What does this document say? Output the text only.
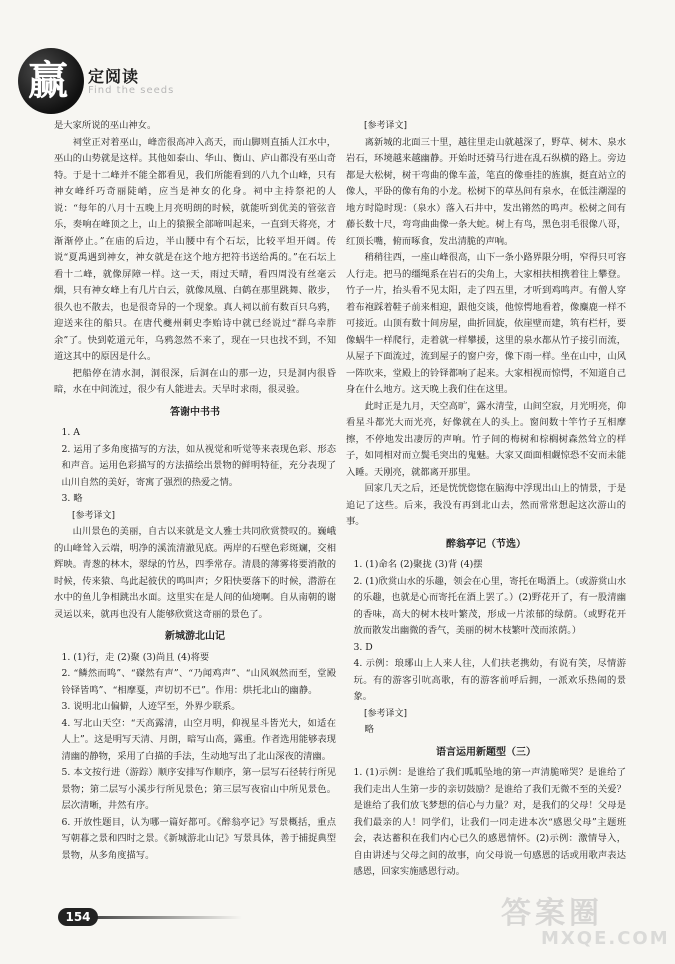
赢 定阅读
Find the seeds

是大家所说的巫山神女。

祠堂正对着巫山，峰峦很高冲入高天，而山脚则直插人江水中，巫山的山势就是这样。其他如泰山、华山、衡山、庐山都没有巫山奇特。于是十二峰并不能全都看见，我们所能看到的八九个山峰，只有神女峰纤巧奇丽陡峭，应当是神女的化身。祠中主持祭祀的人说：“每年的八月十五晚上月亮明朗的时候，就能听到优美的管弦音乐，奏响在峰顶之上，山上的猿猴全部啼叫起来，一直到天将亮，才渐渐停止。”在庙的后边，半山腰中有个石坛，比较平坦开阔。传说“夏禹遇到神女，神女就是在这个地方把符书送给禹的。”在石坛上看十二峰，就像屏障一样。这一天，雨过天晴，看四周没有丝毫云烟，只有神女峰上有几片白云，就像凤凰、白鹤在那里跳舞、散步，很久也不散去，也是很奇异的一个现象。真人祠以前有数百只乌鸦，迎送来往的船只。在唐代夔州刺史李贻诗中就已经说过“群乌幸胙余”了。快到乾道元年，乌鸦忽然不来了，现在一只也找不到，不知道这其中的原因是什么。

把船停在清水洞，洞很深，后洞在山的那一边，只是洞内很昏暗，水在中间流过，很少有人能进去。天旱时求雨，很灵验。

答谢中书书

1. A

2. 运用了多角度描写的方法，如从视觉和听觉等来表现色彩、形态和声音。运用色彩描写的方法描绘出景物的鲜明特征，充分表现了山川自然的美好，寄寓了强烈的热爱之情。

3. 略

[参考译文]

山川景色的美丽，自古以来就是文人雅士共同欣赏赞叹的。巍峨的山峰耸入云端，明净的溪流清澈见底。两岸的石壁色彩斑斓，交相辉映。青葱的林木，翠绿的竹丛，四季常存。清晨的薄雾将要消散的时候，传来猿、鸟此起彼伏的鸣叫声；夕阳快要落下的时候，潜游在水中的鱼儿争相跳出水面。这里实在是人间的仙境啊。自从南朝的谢灵运以来，就再也没有人能够欣赏这奇丽的景色了。

新城游北山记

1. (1)行，走 (2)聚 (3)尚且 (4)将要

2. “鳞然而鸣”、“磔然有声”、“乃闻鸡声”、“山风飒然而至，堂殿铃铎皆鸣”、“相摩戛，声切切不已”。作用：烘托北山的幽静。

3. 说明北山偏僻，人迹罕至，外界少联系。

4. 写北山天空：“天高露清，山空月明，仰视星斗皆光大，如适在人上”。这是明写天清、月朗，暗写山高，露重。作者选用能够表现清幽的静物，采用了白描的手法，生动地写出了北山深夜的清幽。

5. 本文按行进（游踪）顺序安排写作顺序，第一层写石径转行所见景物；第二层写小溪步行所见景色；第三层写夜宿山中所见景色。层次清晰，井然有序。

6. 开放性题目，认为哪一篇好都可。《醉翁亭记》写景概括，重点写朝暮之景和四时之景。《新城游北山记》写景具体，善于捕捉典型景物，从多角度描写。

[参考译文]

离新城的北面三十里，越往里走山就越深了，野草、树木、泉水岩石，环境越来越幽静。开始时还骑马行进在乱石纵横的路上。旁边都是大松树，树干弯曲的像车盖，笔直的像垂挂的旌旗，挺直站立的像人，平卧的像有角的小龙。松树下的草丛间有泉水，在低洼潮湿的地方时隐时现：（泉水）落入石井中，发出锵然的鸣声。松树之间有藤长数十尺，弯弯曲曲像一条大蛇。树上有鸟，黑色羽毛很像八哥，红顶长嘴，俯而啄食，发出清脆的声响。

稍稍往西，一座山峰很高，山下一条小路界限分明，窄得只可容人行走。把马的缰绳系在岩石的尖角上，大家相扶相携着往上攀登。竹子一片，抬头看不见太阳，走了四五里，才听到鸡鸣声。有僧人穿着布袍踩着鞋子前来相迎，跟他交谈，他惊愕地看着，像麋鹿一样不可接近。山顶有数十间房屋，曲折回旋，依崖壁而建，筑有栏杆，要像蜗牛一样爬行，走着就一样攀援，这里的泉水都从竹子接引而流，从屋子下面流过，流到屋子的窗户旁，像下雨一样。坐在山中，山风一阵吹来，堂殿上的铃铎都响了起来。大家相视而惊愕，不知道自己身在什么地方。这天晚上我们住在这里。

此时正是九月，天空高旷，露水清莹，山间空寂，月光明亮，仰看星斗都光大而光亮，好像就在人的头上。窗间数十竿竹子互相摩擦，不停地发出凄厉的声响。竹子间的梅树和棕榈树森然耸立的样子，如同相对而立鬓毛突出的鬼魅。大家又面面相觑惊恐不安而未能入睡。天刚亮，就都离开那里。

回家几天之后，还是恍恍惚惚在脑海中浮现出山上的情景，于是追记了这些。后来，我没有再到北山去，然而常常想起这次游山的事。

醉翁亭记（节选）

1. (1)命名 (2)聚拢 (3)背 (4)摆

2. (1)欣赏山水的乐趣，领会在心里，寄托在喝酒上。（或游赏山水的乐趣，也就是心而寄托在酒上罢了。）(2)野花开了，有一股清幽的香味，高大的树木枝叶繁茂，形成一片浓郁的绿荫。（或野花开放而散发出幽微的香气，美丽的树木枝繁叶茂而浓荫。）

3. D

4. 示例：琅琊山上人来人往，人们扶老携幼，有说有笑，尽情游玩。有的游客引吭高歌，有的游客前呼后拥，一派欢乐热闹的景象。

[参考译文]

略

语言运用新题型（三）

1. (1)示例：是谁给了我们呱呱坠地的第一声清脆啼哭？是谁给了我们走出人生第一步的亲切鼓励？是谁给了我们无微不至的关爱？是谁给了我们放飞梦想的信心与力量？对，是我们的父母！父母是我们最亲的人！同学们，让我们一同走进本次“感恩父母”主题班会，表达蓄积在我们内心已久的感恩情怀。(2)示例：激情导入，自由讲述与父母之间的故事，向父母说一句感恩的话或用歌声表达感恩，回家实施感恩行动。

154	答案圈
MXQE.COM
